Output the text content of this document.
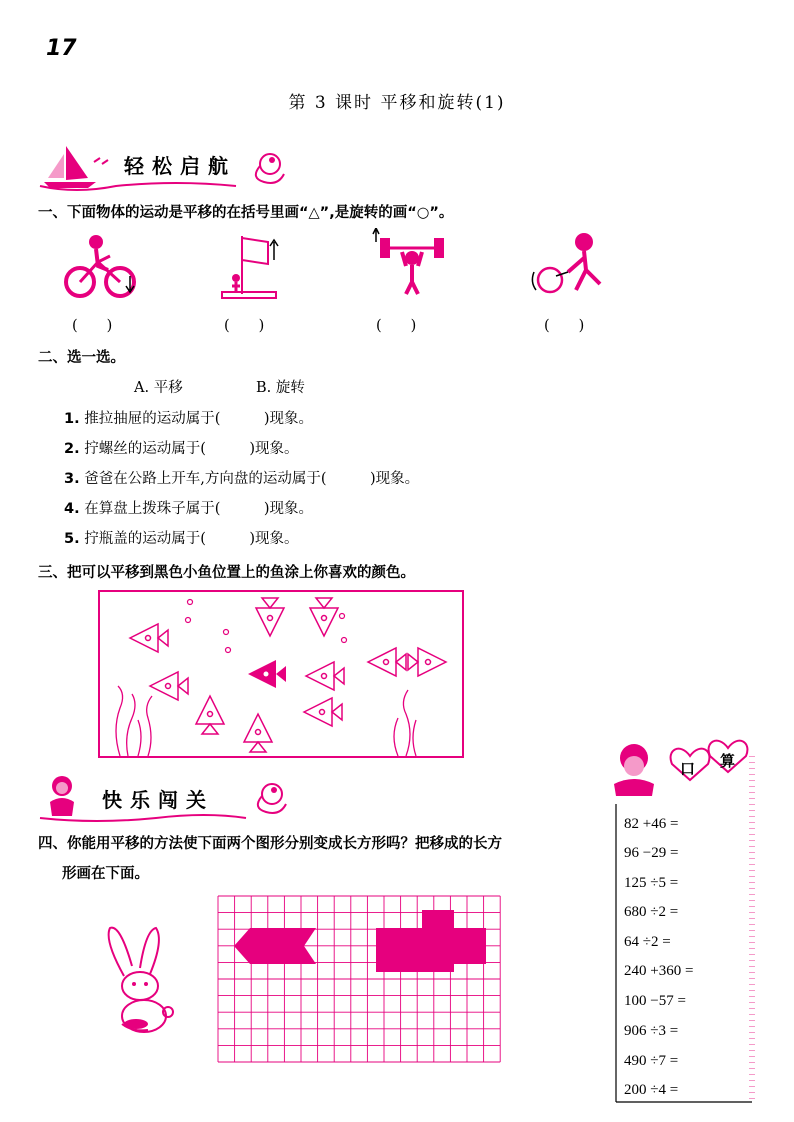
17
第 3 课时 平移和旋转(1)
轻松启航
一、下面物体的运动是平移的在括号里画“△”,是旋转的画“○”。
(　　)	(　　)	(　　)	(　　)
二、选一选。
A. 平移	B. 旋转
1. 推拉抽屉的运动属于(　　　)现象。
2. 拧螺丝的运动属于(　　　)现象。
3. 爸爸在公路上开车,方向盘的运动属于(　　　)现象。
4. 在算盘上拨珠子属于(　　　)现象。
5. 拧瓶盖的运动属于(　　　)现象。
三、把可以平移到黑色小鱼位置上的鱼涂上你喜欢的颜色。
快乐闯关
四、你能用平移的方法使下面两个图形分别变成长方形吗？把移成的长方
形画在下面。
口 算
82 +46 =
96 −29 =
125 ÷5 =
680 ÷2 =
64 ÷2 =
240 +360 =
100 −57 =
906 ÷3 =
490 ÷7 =
200 ÷4 =
